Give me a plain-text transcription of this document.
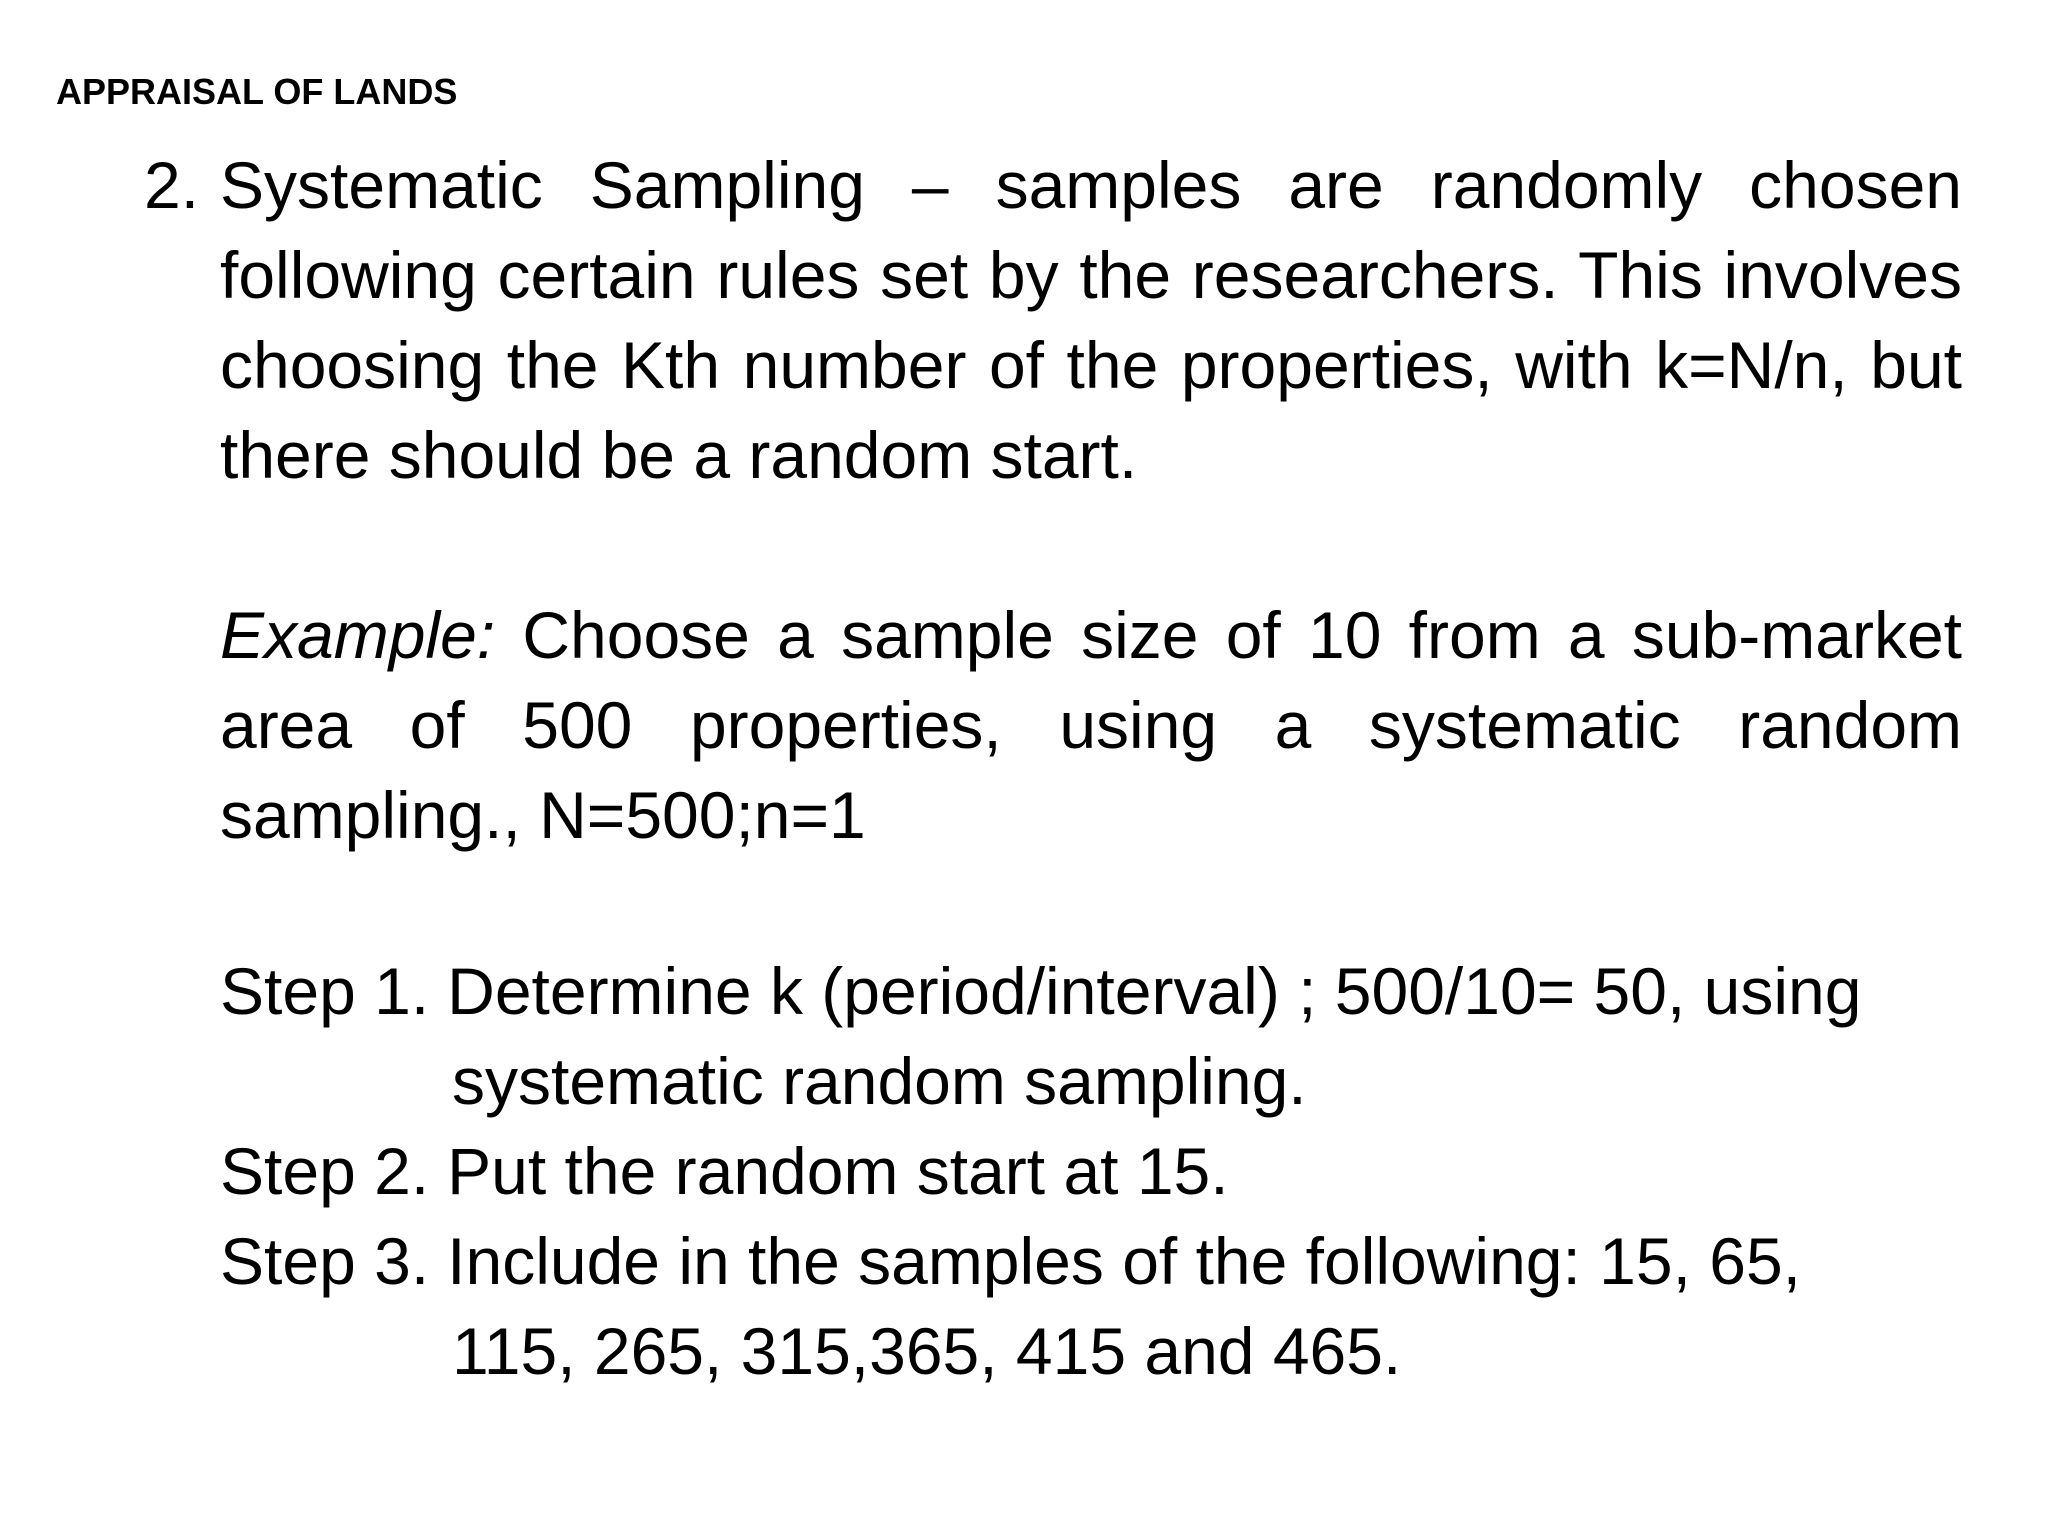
APPRAISAL OF LANDS
2. Systematic Sampling – samples are randomly chosen following certain rules set by the researchers. This involves choosing the Kth number of the properties, with k=N/n, but there should be a random start.
Example: Choose a sample size of 10 from a sub-market area of 500 properties, using a systematic random sampling., N=500;n=1
Step 1. Determine k (period/interval) ; 500/10= 50, using
systematic random sampling.
Step 2. Put the random start at 15.
Step 3. Include in the samples of the following: 15, 65,
115, 265, 315,365, 415 and 465.
